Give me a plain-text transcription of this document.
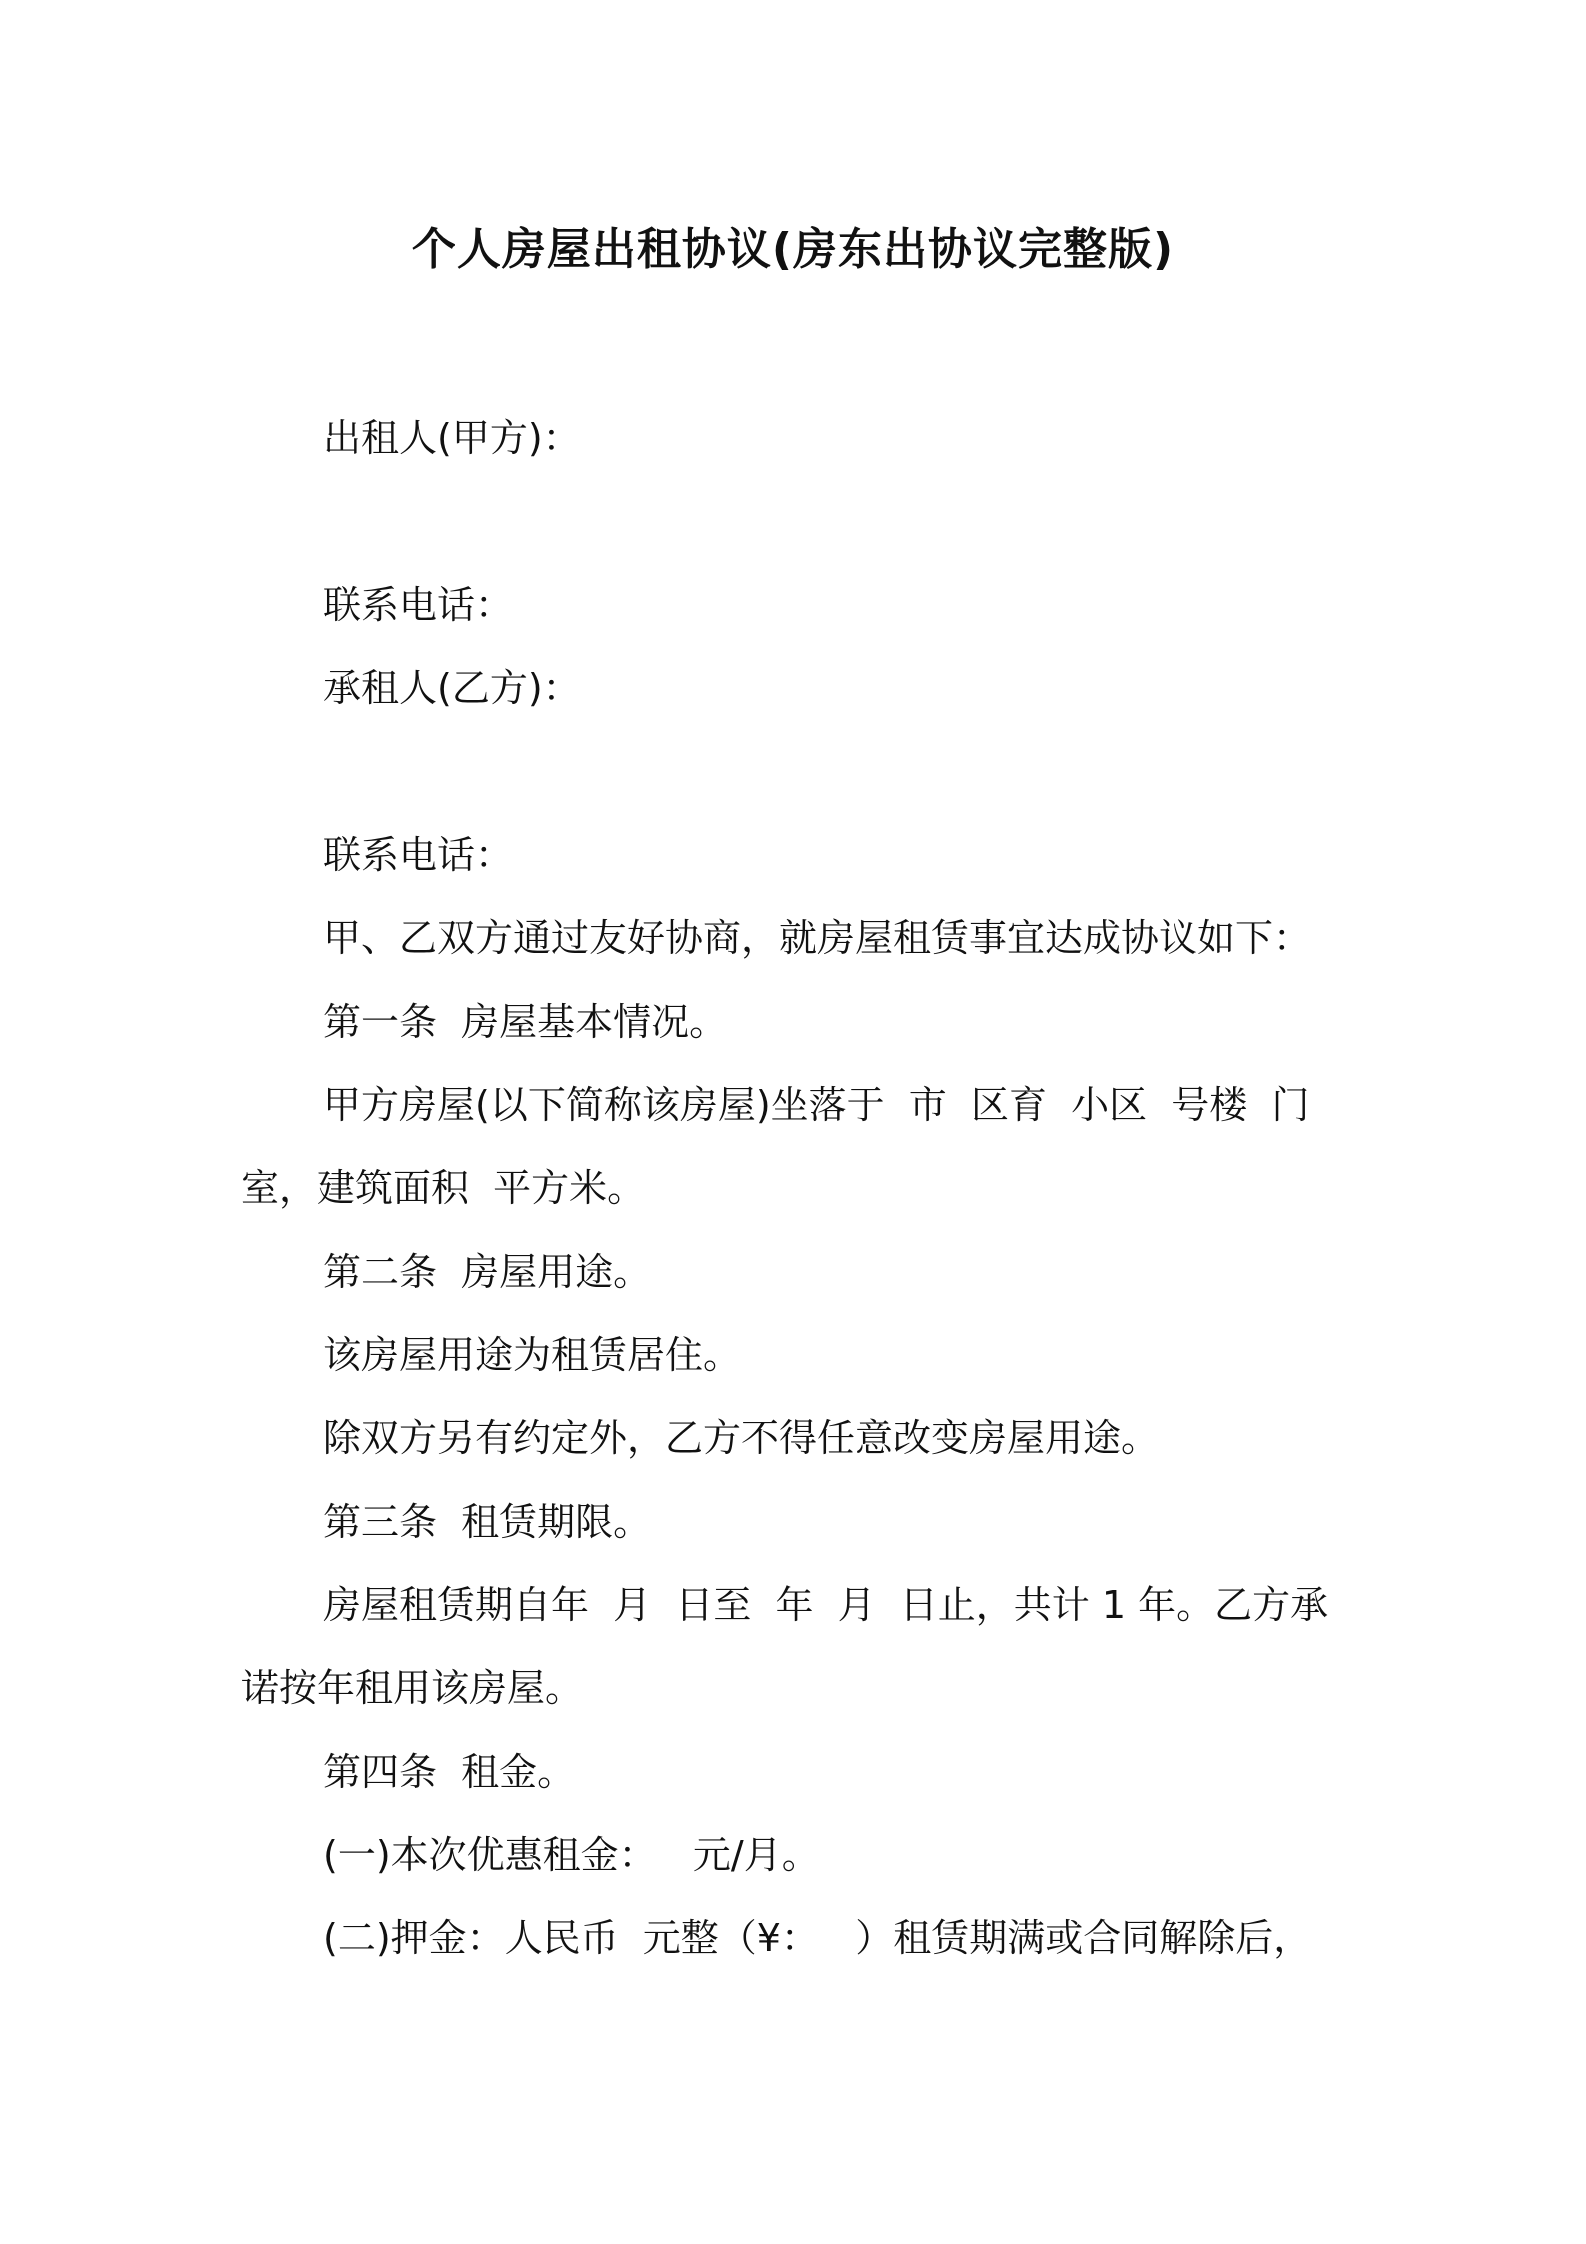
个人房屋出租协议(房东出协议完整版)
出租人(甲方)：
联系电话：
承租人(乙方)：
联系电话：
甲、乙双方通过友好协商，就房屋租赁事宜达成协议如下：
第一条  房屋基本情况。
甲方房屋(以下简称该房屋)坐落于  市  区育  小区  号楼  门
室，建筑面积  平方米。
第二条  房屋用途。
该房屋用途为租赁居住。
除双方另有约定外，乙方不得任意改变房屋用途。
第三条  租赁期限。
房屋租赁期自年  月  日至  年  月  日止，共计 1 年。乙方承
诺按年租用该房屋。
第四条  租金。
(一)本次优惠租金：   元/月。
(二)押金：人民币  元整（¥：   ）租赁期满或合同解除后，
